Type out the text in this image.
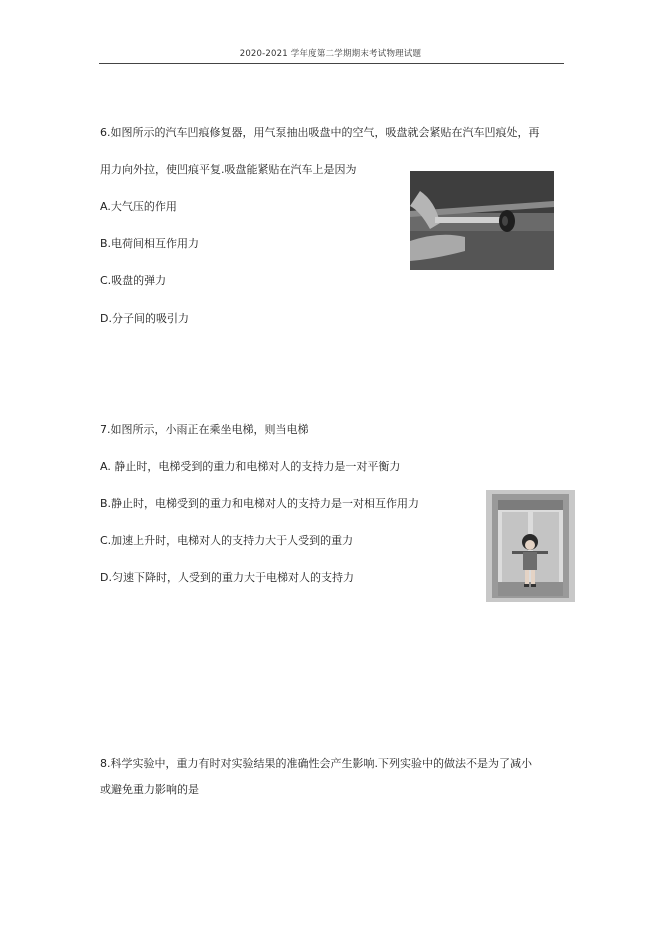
2020-2021 学年度第二学期期末考试物理试题
6.如图所示的汽车凹痕修复器，用气泵抽出吸盘中的空气，吸盘就会紧贴在汽车凹痕处，再
用力向外拉，使凹痕平复.吸盘能紧贴在汽车上是因为
A.大气压的作用
B.电荷间相互作用力
C.吸盘的弹力
D.分子间的吸引力
7.如图所示，小雨正在乘坐电梯，则当电梯
A. 静止时，电梯受到的重力和电梯对人的支持力是一对平衡力
B.静止时，电梯受到的重力和电梯对人的支持力是一对相互作用力
C.加速上升时，电梯对人的支持力大于人受到的重力
D.匀速下降时，人受到的重力大于电梯对人的支持力
8.科学实验中，重力有时对实验结果的准确性会产生影响.下列实验中的做法不是为了减小
或避免重力影响的是
